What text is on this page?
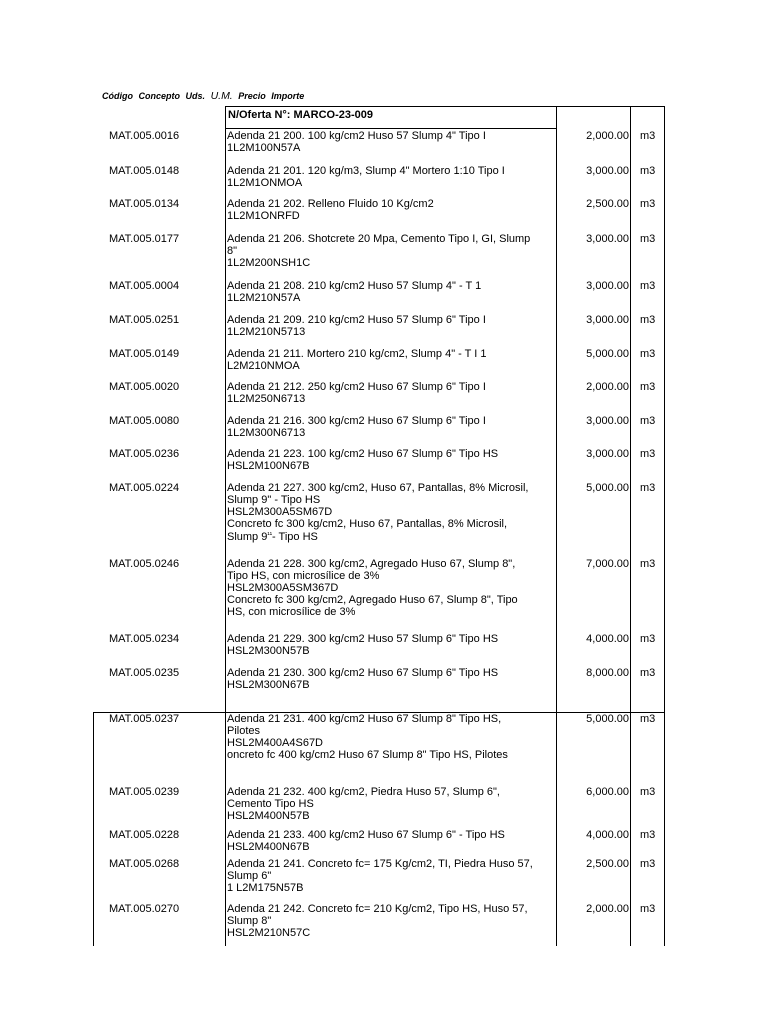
Código Concepto Uds. U.M. Precio Importe
N/Oferta N°: MARCO-23-009
MAT.005.0016	Adenda 21 200. 100 kg/cm2 Huso 57 Slump 4" Tipo I
1L2M100N57A
2,000.00 m3
MAT.005.0148	Adenda 21 201. 120 kg/m3, Slump 4" Mortero 1:10 Tipo I
1L2M1ONMOA
3,000.00 m3
MAT.005.0134	Adenda 21 202. Relleno Fluido 10 Kg/cm2
1L2M1ONRFD
2,500.00 m3
MAT.005.0177	Adenda 21 206. Shotcrete 20 Mpa, Cemento Tipo I, GI, Slump
8"
1L2M200NSH1C
3,000.00 m3
MAT.005.0004	Adenda 21 208. 210 kg/cm2 Huso 57 Slump 4" - T 1
1L2M210N57A
3,000.00 m3
MAT.005.0251	Adenda 21 209. 210 kg/cm2 Huso 57 Slump 6" Tipo I
1L2M210N5713
3,000.00 m3
MAT.005.0149	Adenda 21 211. Mortero 210 kg/cm2, Slump 4" - T I 1
L2M210NMOA
5,000.00 m3
MAT.005.0020	Adenda 21 212. 250 kg/cm2 Huso 67 Slump 6" Tipo I
1L2M250N6713
2,000.00 m3
MAT.005.0080	Adenda 21 216. 300 kg/cm2 Huso 67 Slump 6" Tipo I
1L2M300N6713
3,000.00 m3
MAT.005.0236	Adenda 21 223. 100 kg/cm2 Huso 67 Slump 6" Tipo HS
HSL2M100N67B
3,000.00 m3
MAT.005.0224	Adenda 21 227. 300 kg/cm2, Huso 67, Pantallas, 8% Microsil,
Slump 9" - Tipo HS
HSL2M300A5SM67D
Concreto fc 300 kg/cm2, Huso 67, Pantallas, 8% Microsil,
Slump $9^{^{11}}-$ Tipo HS
5,000.00 m3
MAT.005.0246	Adenda 21 228. 300 kg/cm2, Agregado Huso 67, Slump 8",
Tipo HS, con microsílice de 3%
HSL2M300A5SM367D
Concreto fc 300 kg/cm2, Agregado Huso 67, Slump 8", Tipo
HS, con microsílice de 3%
7,000.00 m3
MAT.005.0234	Adenda 21 229. 300 kg/cm2 Huso 57 Slump 6" Tipo HS
HSL2M300N57B
4,000.00 m3
MAT.005.0235	Adenda 21 230. 300 kg/cm2 Huso 67 Slump 6" Tipo HS
HSL2M300N67B
8,000.00 m3
MAT.005.0237	Adenda 21 231. 400 kg/cm2 Huso 67 Slump 8" Tipo HS,
Pilotes
HSL2M400A4S67D
oncreto fc 400 kg/cm2 Huso 67 Slump 8" Tipo HS, Pilotes
5,000.00 m3
MAT.005.0239	Adenda 21 232. 400 kg/cm2, Piedra Huso 57, Slump 6",
Cemento Tipo HS
HSL2M400N57B
6,000.00 m3
MAT.005.0228	Adenda 21 233. 400 kg/cm2 Huso 67 Slump 6" - Tipo HS
HSL2M400N67B
4,000.00 m3
MAT.005.0268	Adenda 21 241. Concreto fc= 175 Kg/cm2, TI, Piedra Huso 57,
Slump 6"
1 L2M175N57B
2,500.00 m3
MAT.005.0270	Adenda 21 242. Concreto fc= 210 Kg/cm2, Tipo HS, Huso 57,
Slump 8"
HSL2M210N57C
2,000.00 m3
